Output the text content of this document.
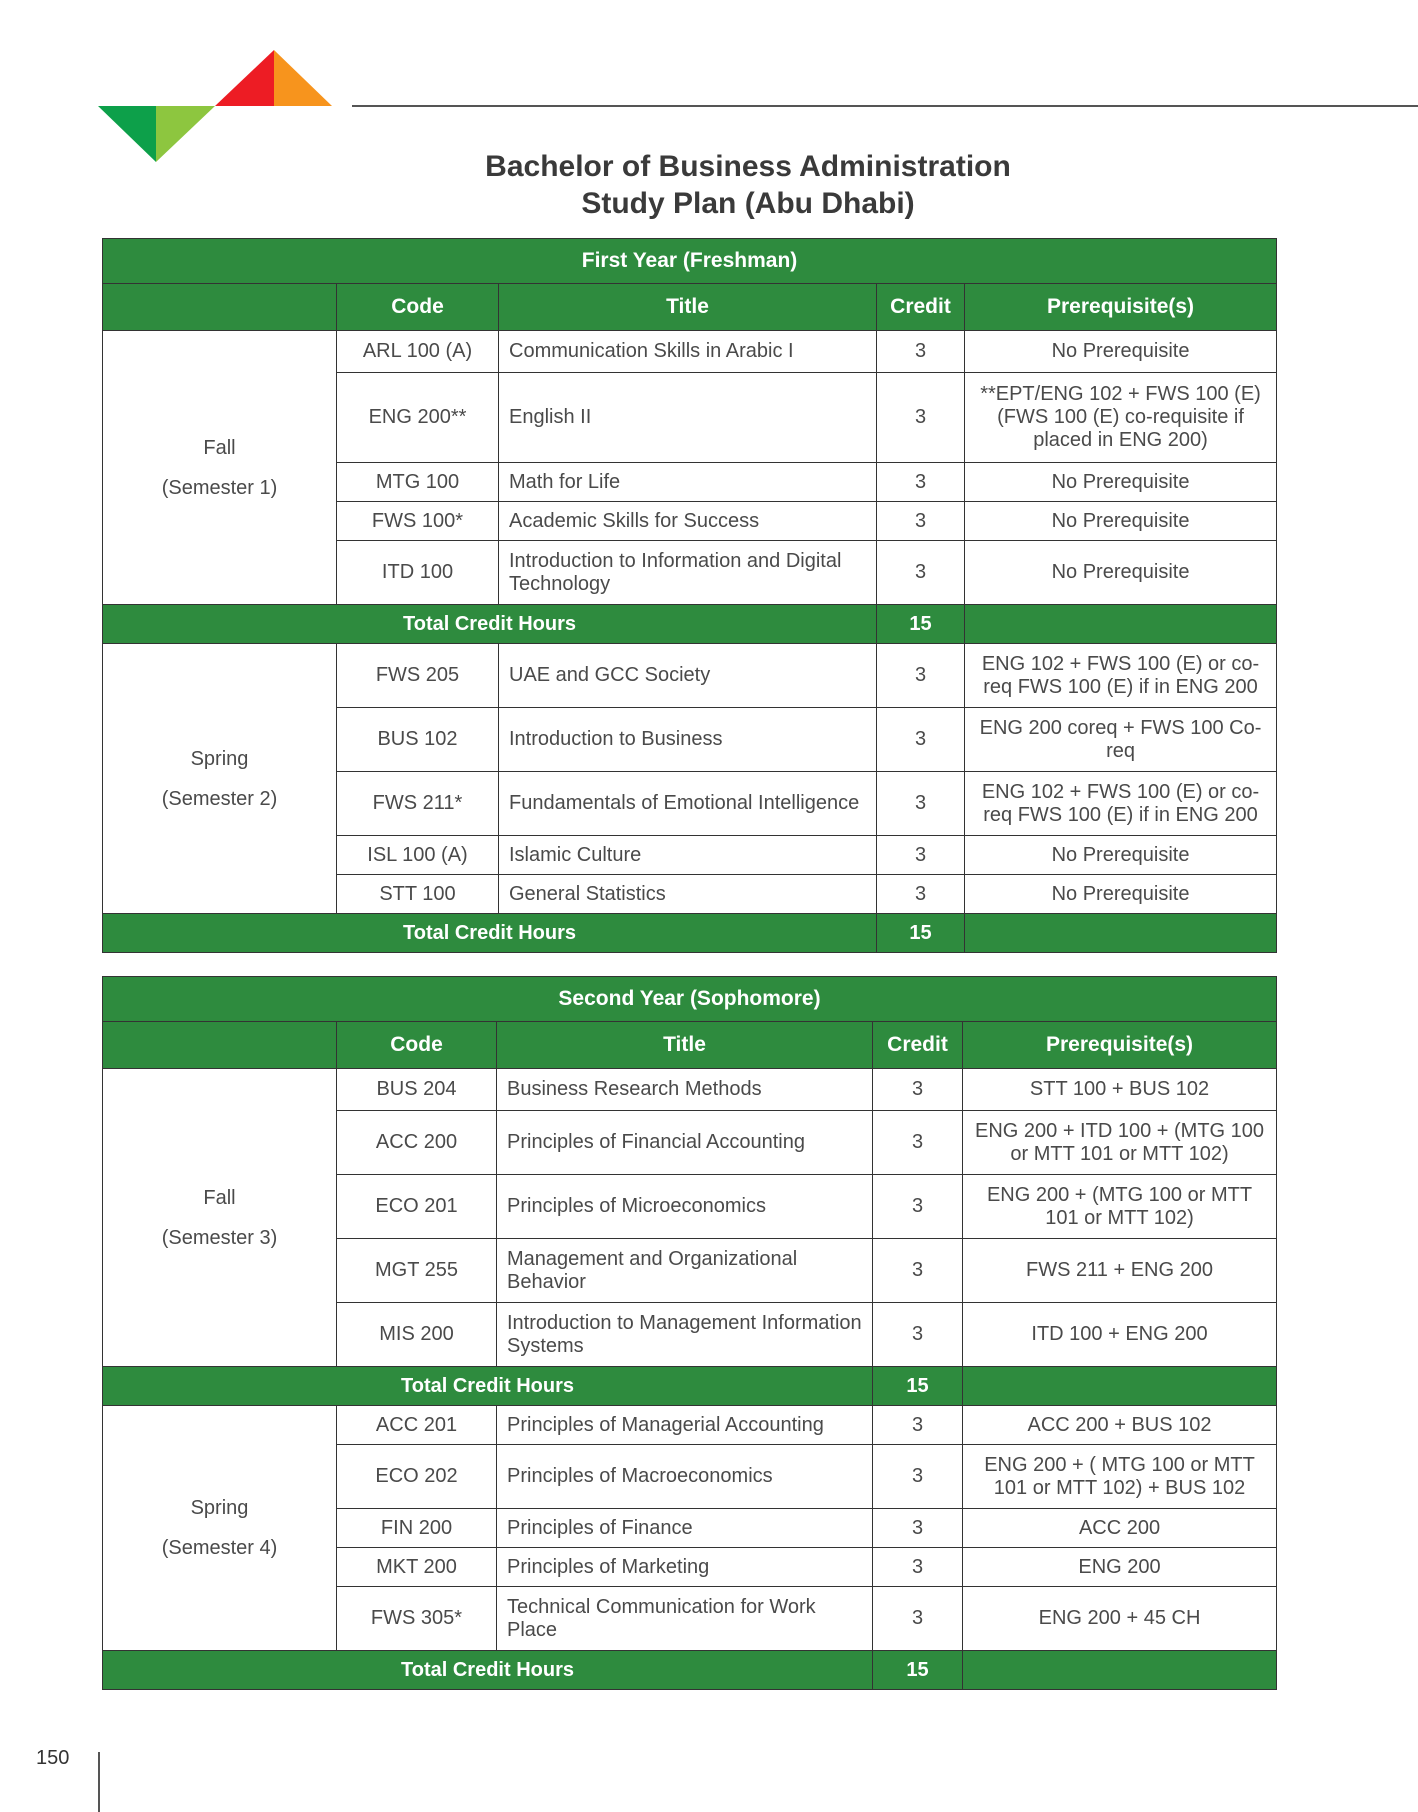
Bachelor of Business Administration
Study Plan (Abu Dhabi)
First Year (Freshman)				
	Code	Title	Credit	Prerequisite(s)

Fall
(Semester 1)	ARL 100 (A)	Communication Skills in Arabic I	3	No Prerequisite
	ENG 200**	English II	3	**EPT/ENG 102 + FWS 100 (E) (FWS 100 (E) co-requisite if placed in ENG 200)
	MTG 100	Math for Life	3	No Prerequisite
	FWS 100*	Academic Skills for Success	3	No Prerequisite
	ITD 100	Introduction to Information and Digital Technology	3	No Prerequisite
Total Credit Hours			15	

Spring
(Semester 2)	FWS 205	UAE and GCC Society	3	ENG 102 + FWS 100 (E) or co-req FWS 100 (E) if in ENG 200
	BUS 102	Introduction to Business	3	ENG 200 coreq + FWS 100 Co-req
	FWS 211*	Fundamentals of Emotional Intelligence	3	ENG 102 + FWS 100 (E) or co-req FWS 100 (E) if in ENG 200
	ISL 100 (A)	Islamic Culture	3	No Prerequisite
	STT 100	General Statistics	3	No Prerequisite
Total Credit Hours			15	
Second Year (Sophomore)				
	Code	Title	Credit	Prerequisite(s)

Fall
(Semester 3)	BUS 204	Business Research Methods	3	STT 100 + BUS 102
	ACC 200	Principles of Financial Accounting	3	ENG 200 + ITD 100 + (MTG 100 or MTT 101 or MTT 102)
	ECO 201	Principles of Microeconomics	3	ENG 200 + (MTG 100 or MTT 101 or MTT 102)
	MGT 255	Management and Organizational Behavior	3	FWS 211 + ENG 200
	MIS 200	Introduction to Management Information Systems	3	ITD 100 + ENG 200
Total Credit Hours			15	

Spring
(Semester 4)	ACC 201	Principles of Managerial Accounting	3	ACC 200 + BUS 102
	ECO 202	Principles of Macroeconomics	3	ENG 200 + ( MTG 100 or MTT 101 or MTT 102) + BUS 102
	FIN 200	Principles of Finance	3	ACC 200
	MKT 200	Principles of Marketing	3	ENG 200
	FWS 305*	Technical Communication for Work Place	3	ENG 200 + 45 CH
Total Credit Hours			15	
150
